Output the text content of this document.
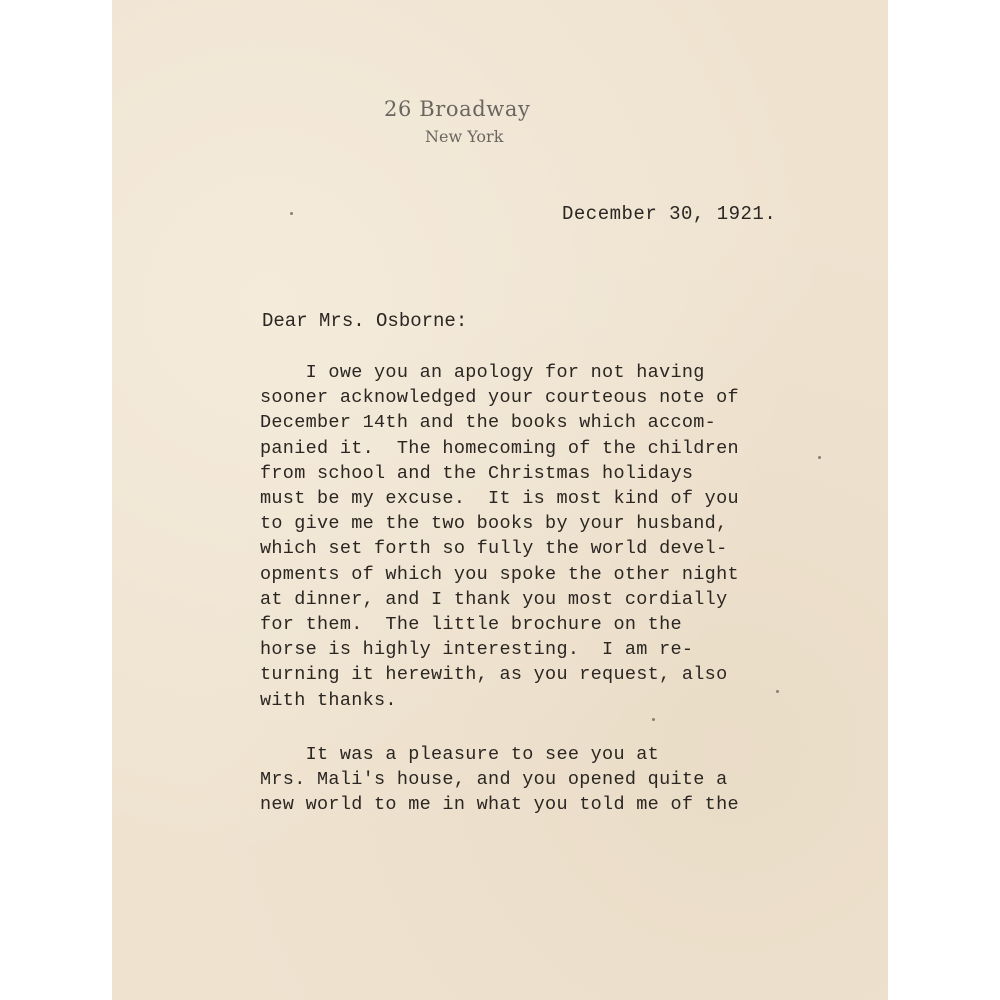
26 Broadway
New York
December 30, 1921.
Dear Mrs. Osborne:
I owe you an apology for not having
sooner acknowledged your courteous note of
December 14th and the books which accom-
panied it.  The homecoming of the children
from school and the Christmas holidays
must be my excuse.  It is most kind of you
to give me the two books by your husband,
which set forth so fully the world devel-
opments of which you spoke the other night
at dinner, and I thank you most cordially
for them.  The little brochure on the
horse is highly interesting.  I am re-
turning it herewith, as you request, also
with thanks.
It was a pleasure to see you at
Mrs. Mali's house, and you opened quite a
new world to me in what you told me of the
